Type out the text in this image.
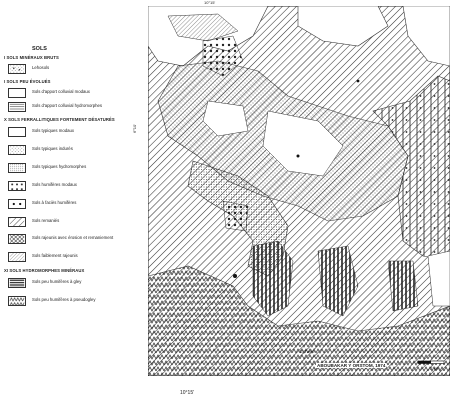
SOLS
I SOLS MINÉRAUX BRUTS
Lehosols
I SOLS PEU ÉVOLUÉS
Sols d'apport colluvial modaux
Sols d'apport colluvial hydromorphes
X SOLS FERRALLITIQUES FORTEMENT DÉSATURÉS
Sols typiques modaux
Sols typiques indurés
Sols typiques hydromorphes
Sols humifères modaux
Sols à faciès humifères
Sols remaniés
Sols rajeunis avec érosion et remaniement
Sols faiblement rajeunis
XI SOLS HYDROMORPHES MINÉRAUX
Sols peu humifères à gley
Sols peu humifères à pseudogley
Échelle
2 km
ABOUBAKAR Y ORSTOM, 1974
10°15'
10°15'
6°10'
